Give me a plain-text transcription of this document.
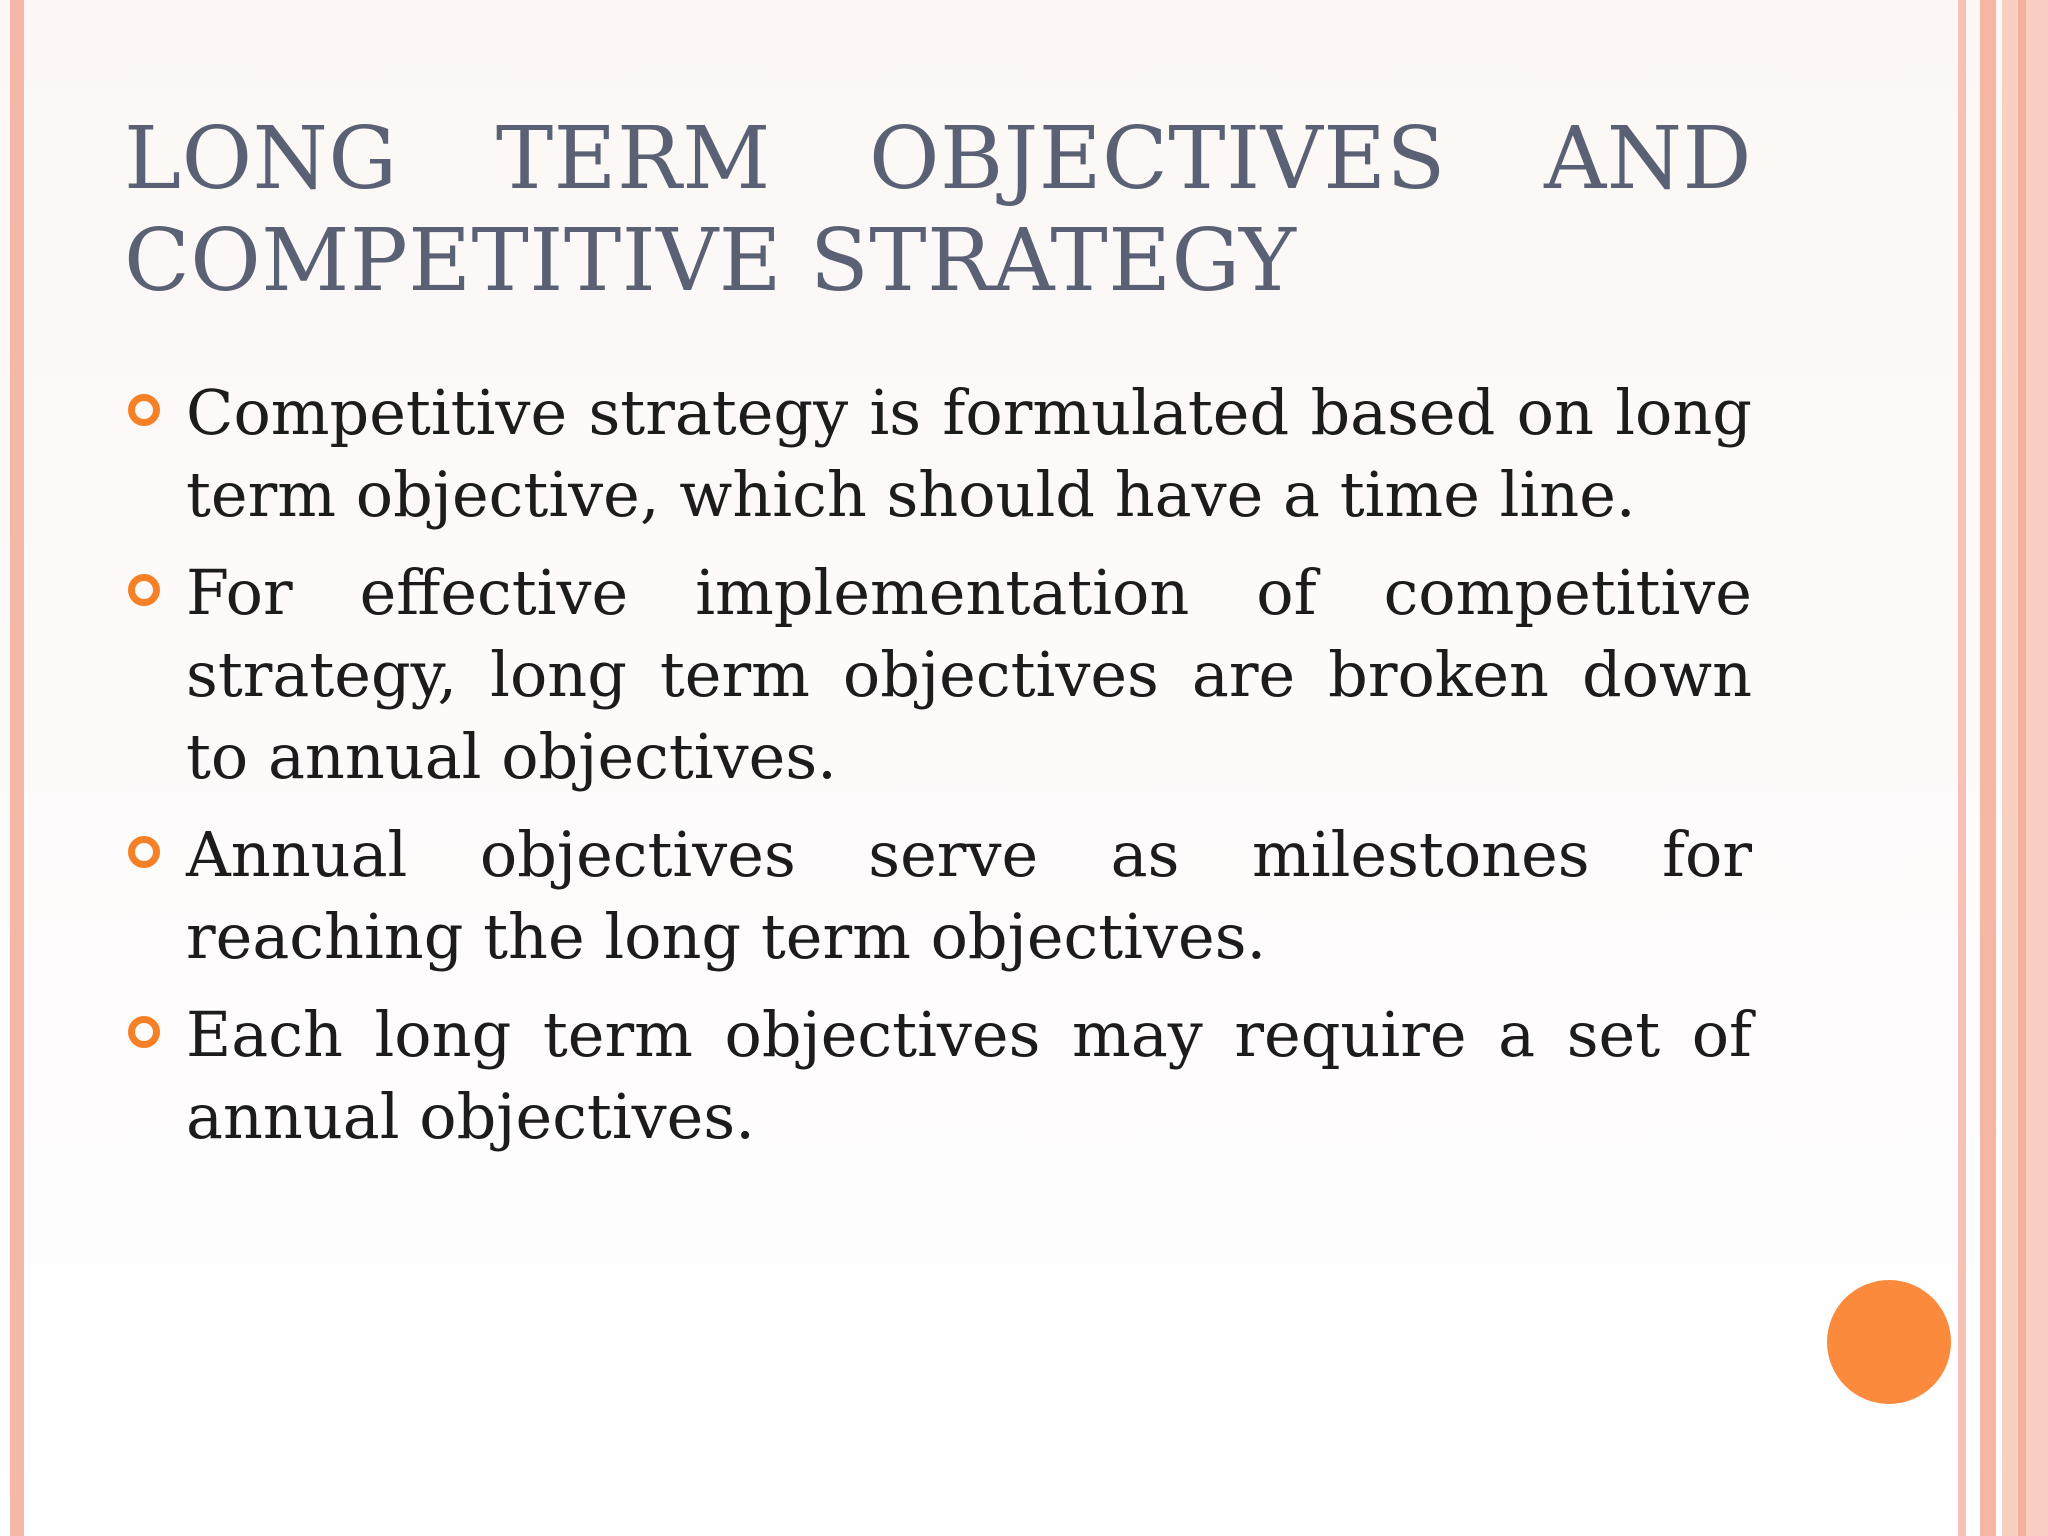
LONG TERM OBJECTIVES AND COMPETITIVE STRATEGY
Competitive strategy is formulated based on long term objective, which should have a time line.
For effective implementation of competitive strategy, long term objectives are broken down to annual objectives.
Annual objectives serve as milestones for reaching the long term objectives.
Each long term objectives may require a set of annual objectives.
